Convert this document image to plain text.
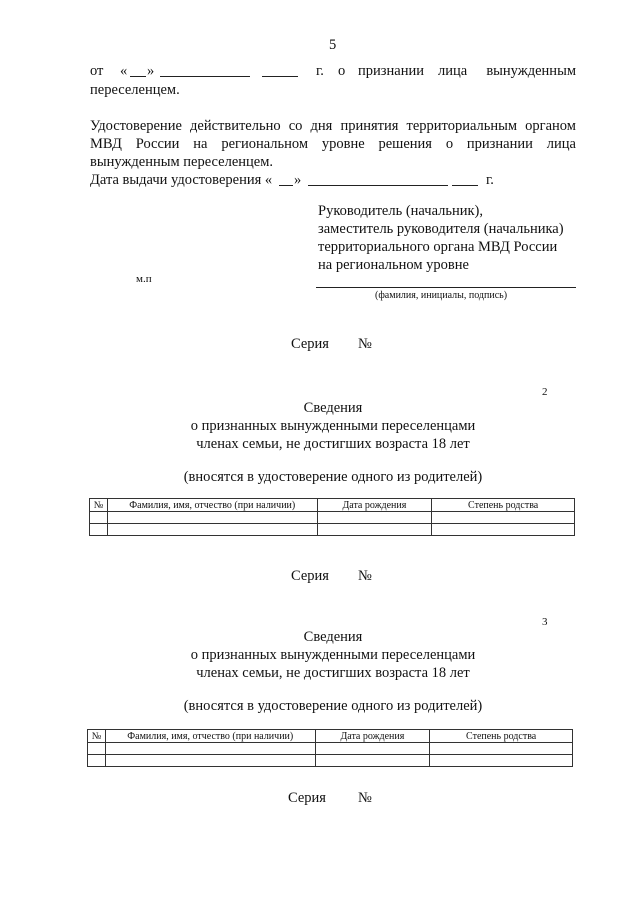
5
от « »	г. о признании лица вынужденным
переселенцем.
Удостоверение действительно со дня принятия территориальным органом
МВД России на региональном уровне решения о признании лица
вынужденным переселенцем.
Дата выдачи удостоверения « »	г.
Руководитель (начальник),
заместитель руководителя (начальника)
территориального органа МВД России
на региональном уровне
м.п
(фамилия, инициалы, подпись)
Серия №
2
Сведения
о признанных вынужденными переселенцами
членах семьи, не достигших возраста 18 лет
(вносятся в удостоверение одного из родителей)
№	Фамилия, имя, отчество (при наличии)	Дата рождения	Степень родства

Серия №
3
Сведения
о признанных вынужденными переселенцами
членах семьи, не достигших возраста 18 лет
(вносятся в удостоверение одного из родителей)
№	Фамилия, имя, отчество (при наличии)	Дата рождения	Степень родства

Серия №
